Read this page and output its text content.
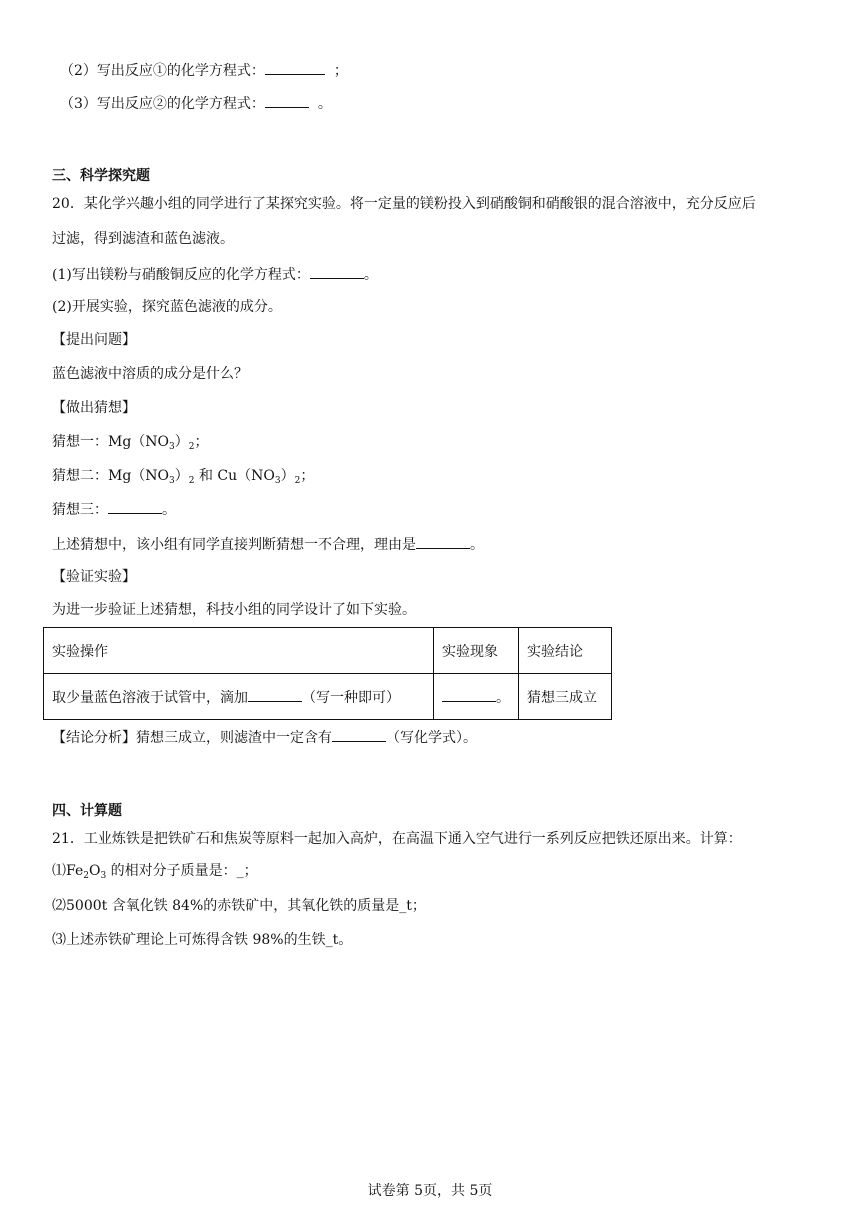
（2）写出反应①的化学方程式：	；
（3）写出反应②的化学方程式：	。
三、科学探究题
20．某化学兴趣小组的同学进行了某探究实验。将一定量的镁粉投入到硝酸铜和硝酸银的混合溶液中，充分反应后
过滤，得到滤渣和蓝色滤液。
(1)写出镁粉与硝酸铜反应的化学方程式：	。
(2)开展实验，探究蓝色滤液的成分。
【提出问题】
蓝色滤液中溶质的成分是什么？
【做出猜想】
猜想一：$Mg(NO_3)_2$；
猜想二：$Mg(NO_3)_2$ 和 $Cu(NO_3)_2$；
猜想三：	。
上述猜想中，该小组有同学直接判断猜想一不合理，理由是	。
【验证实验】
为进一步验证上述猜想，科技小组的同学设计了如下实验。
实验操作	实验现象	实验结论
取少量蓝色溶液于试管中，滴加 （写一种即可）	。	猜想三成立
【结论分析】猜想三成立，则滤渣中一定含有	（写化学式）。
四、计算题
21．工业炼铁是把铁矿石和焦炭等原料一起加入高炉，在高温下通入空气进行一系列反应把铁还原出来。计算：
$⑴Fe_2O_3$ 的相对分子质量是：_；
⑵5000t 含氧化铁 84%的赤铁矿中，其氧化铁的质量是_t；
⑶上述赤铁矿理论上可炼得含铁 98%的生铁_t。
试卷第 5页，共 5页
